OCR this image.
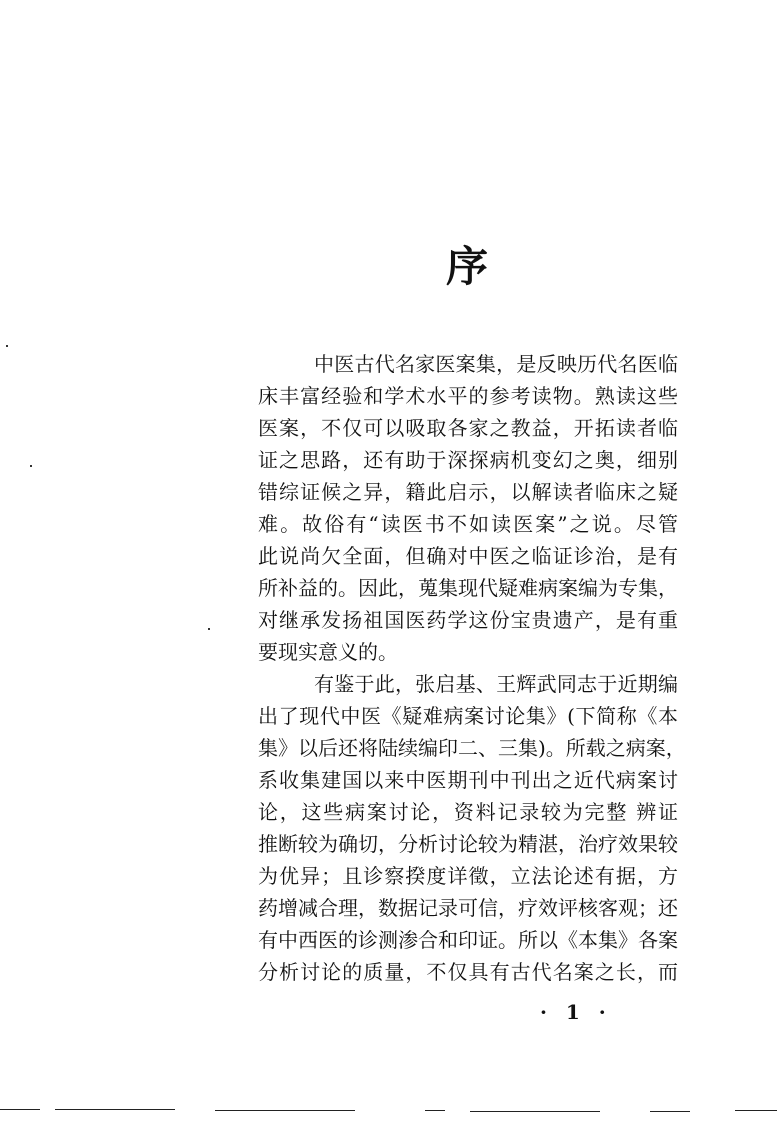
序
中医古代名家医案集，是反映历代名医临
床丰富经验和学术水平的参考读物。熟读这些
医案，不仅可以吸取各家之教益，开拓读者临
证之思路，还有助于深探病机变幻之奥，细别
错综证候之异，籍此启示，以解读者临床之疑
难。故俗有“读医书不如读医案”之说。尽管
此说尚欠全面，但确对中医之临证诊治，是有
所补益的。因此，蒐集现代疑难病案编为专集，
对继承发扬祖国医药学这份宝贵遗产，是有重
要现实意义的。
有鉴于此，张启基、王辉武同志于近期编
出了现代中医《疑难病案讨论集》(下简称《本
集》以后还将陆续编印二、三集)。所载之病案，
系收集建国以来中医期刊中刊出之近代病案讨
论，这些病案讨论，资料记录较为完整 辨证
推断较为确切，分析讨论较为精湛，治疗效果较
为优异；且诊察揆度详徵，立法论述有据，方
药增减合理，数据记录可信，疗效评核客观；还
有中西医的诊测渗合和印证。所以《本集》各案
分析讨论的质量，不仅具有古代名案之长，而
· 1 ·
